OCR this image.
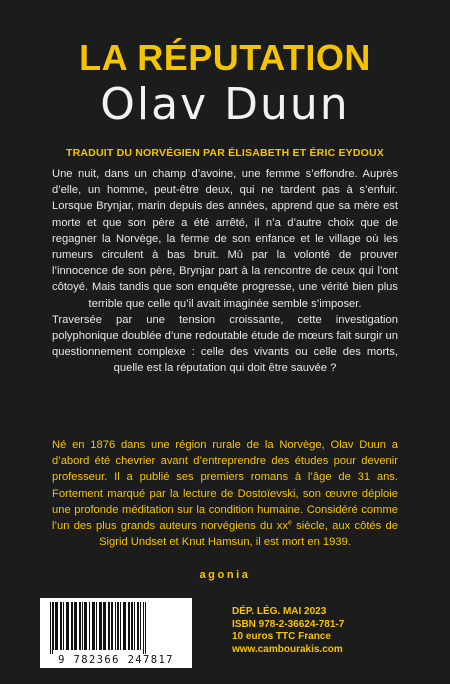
LA RÉPUTATION
Olav Duun
TRADUIT DU NORVÉGIEN PAR ÉLISABETH ET ÉRIC EYDOUX

Une nuit, dans un champ d’avoine, une femme s’effondre. Auprès d’elle, un homme, peut-être deux, qui ne tardent pas à s’enfuir. Lorsque Brynjar, marin depuis des années, apprend que sa mère est morte et que son père a été arrêté, il n’a d’autre choix que de regagner la Norvège, la ferme de son enfance et le village où les rumeurs circulent à bas bruit. Mû par la volonté de prouver l’innocence de son père, Brynjar part à la rencontre de ceux qui l’ont côtoyé. Mais tandis que son enquête progresse, une vérité bien plus terrible que celle qu’il avait imaginée semble s’imposer.

Traversée par une tension croissante, cette investigation polyphonique doublée d’une redoutable étude de mœurs fait surgir un questionnement complexe : celle des vivants ou celle des morts, quelle est la réputation qui doit être sauvée ?

Né en 1876 dans une région rurale de la Norvège, Olav Duun a d’abord été chevrier avant d’entreprendre des études pour devenir professeur. Il a publié ses premiers romans à l’âge de 31 ans. Fortement marqué par la lecture de Dostoïevski, son œuvre déploie une profonde méditation sur la condition humaine. Considéré comme l’un des plus grands auteurs norvégiens du $xx^e$ siècle, aux côtés de Sigrid Undset et Knut Hamsun, il est mort en 1939.

agonia
9 782366 247817
DÉP. LÉG. MAI 2023
ISBN 978-2-36624-781-7
10 euros TTC France
www.cambourakis.com
